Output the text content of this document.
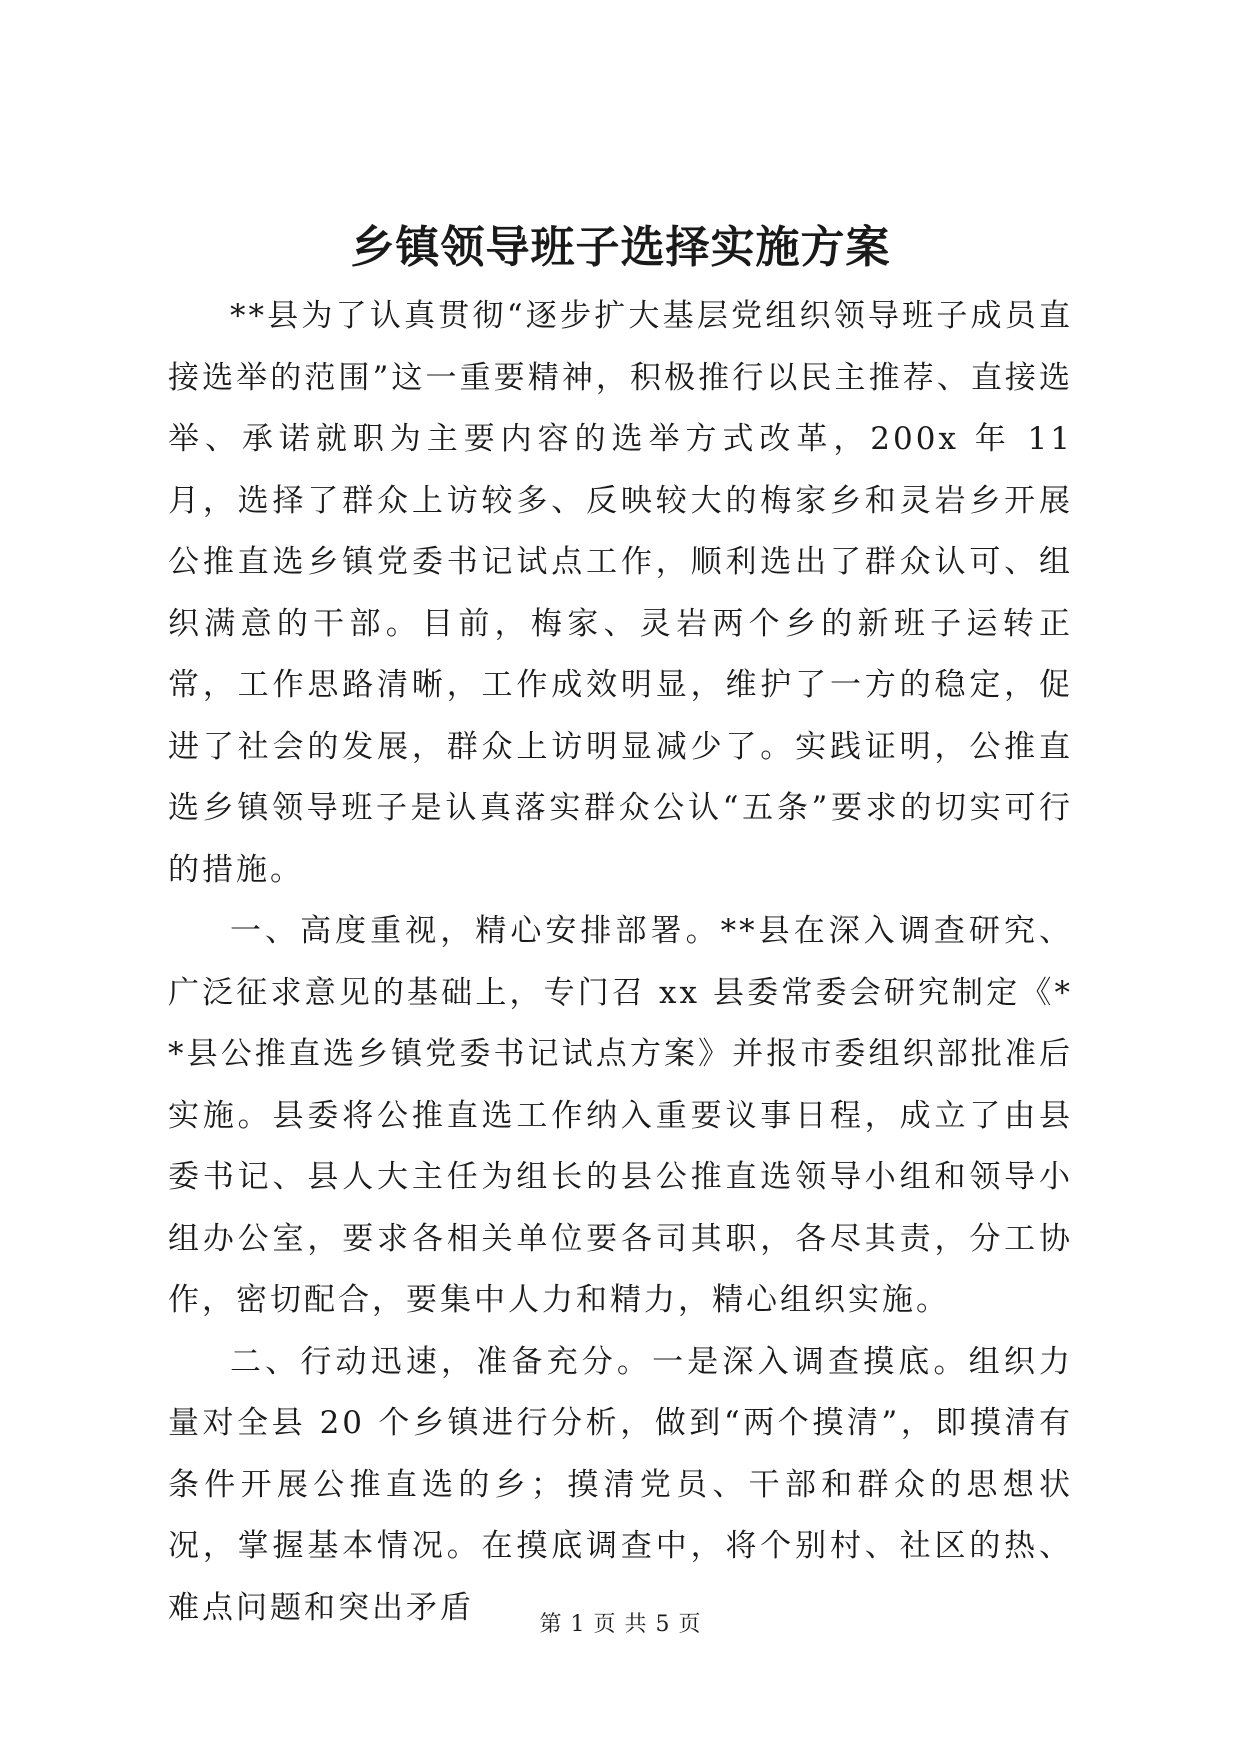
乡镇领导班子选择实施方案

**县为了认真贯彻“逐步扩大基层党组织领导班子成员直接选举的范围”这一重要精神，积极推行以民主推荐、直接选举、承诺就职为主要内容的选举方式改革，200x 年 11 月，选择了群众上访较多、反映较大的梅家乡和灵岩乡开展公推直选乡镇党委书记试点工作，顺利选出了群众认可、组织满意的干部。目前，梅家、灵岩两个乡的新班子运转正常，工作思路清晰，工作成效明显，维护了一方的稳定，促进了社会的发展，群众上访明显减少了。实践证明，公推直选乡镇领导班子是认真落实群众公认“五条”要求的切实可行的措施。

一、高度重视，精心安排部署。**县在深入调查研究、广泛征求意见的基础上，专门召 xx 县委常委会研究制定《**县公推直选乡镇党委书记试点方案》并报市委组织部批准后实施。县委将公推直选工作纳入重要议事日程，成立了由县委书记、县人大主任为组长的县公推直选领导小组和领导小组办公室，要求各相关单位要各司其职，各尽其责，分工协作，密切配合，要集中人力和精力，精心组织实施。

二、行动迅速，准备充分。一是深入调查摸底。组织力量对全县 20 个乡镇进行分析，做到“两个摸清”，即摸清有条件开展公推直选的乡；摸清党员、干部和群众的思想状况，掌握基本情况。在摸底调查中，将个别村、社区的热、难点问题和突出矛盾	第 1 页 共 5 页
